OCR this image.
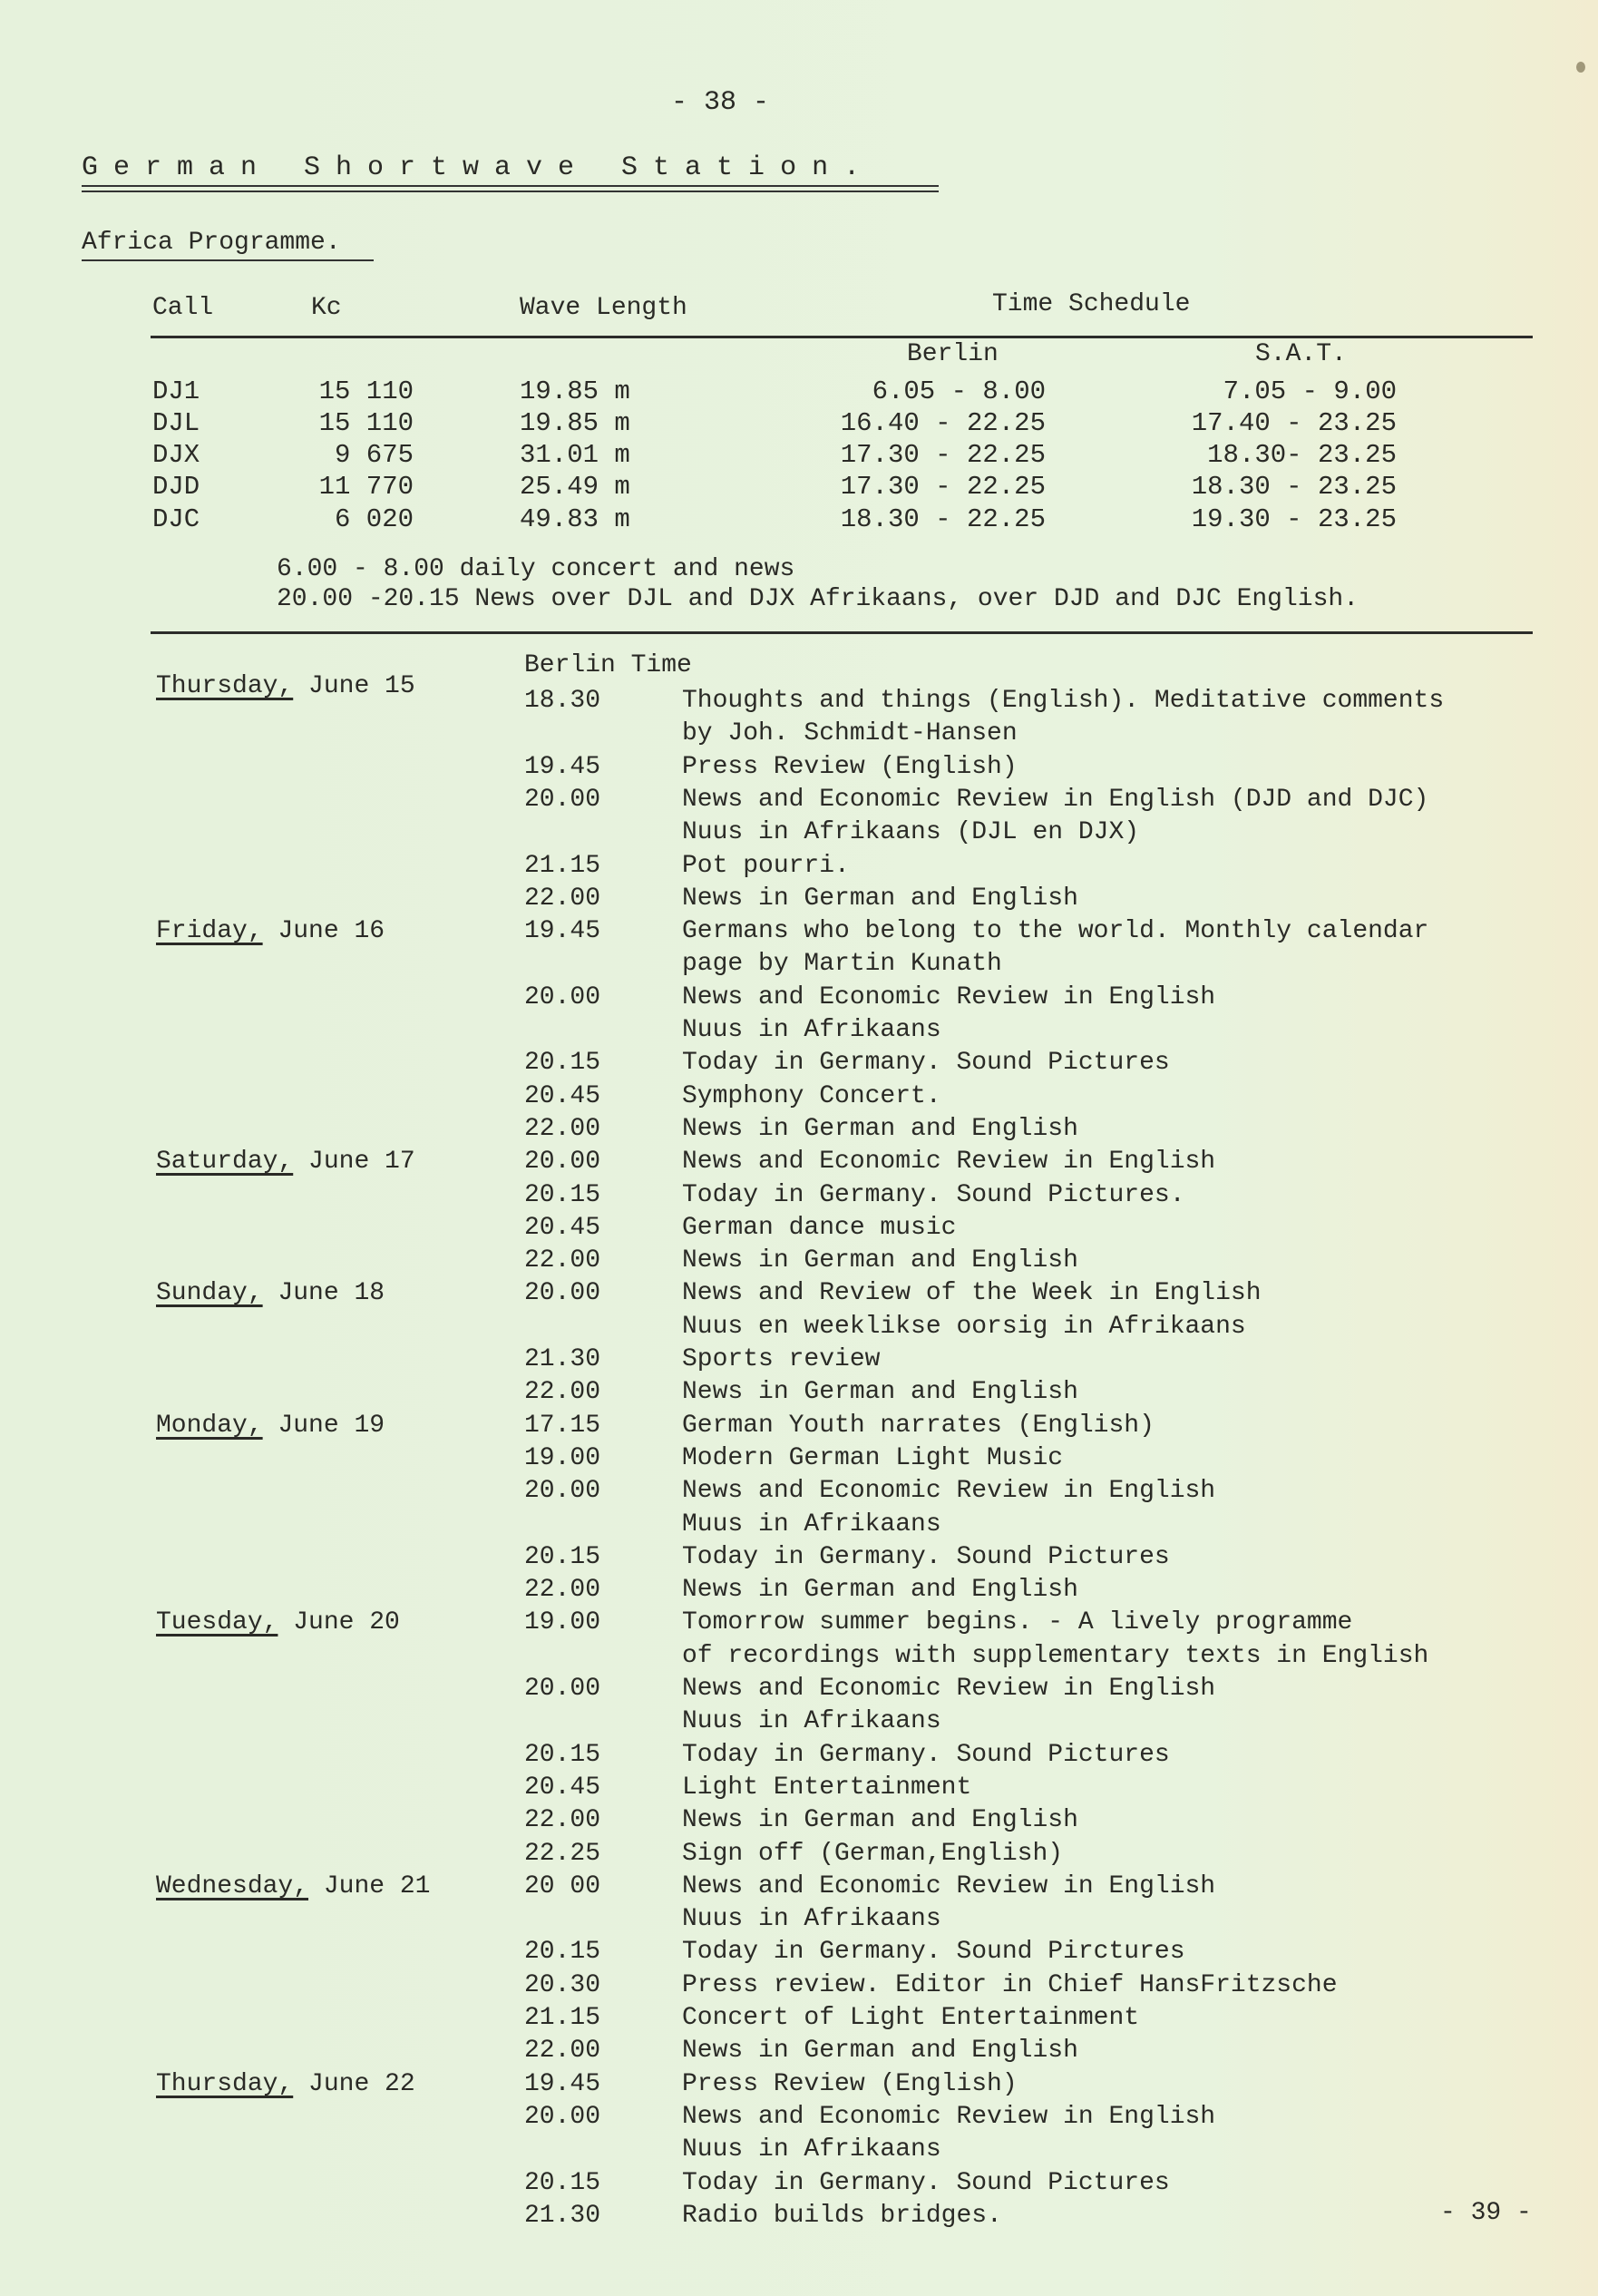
- 38 -
German Shortwave Station.
Africa Programme.
Call	Kc	Wave Length	Time Schedule
Berlin	S.A.T.
DJ1	15 110	19.85 m	6.05 - 8.00	7.05 - 9.00
DJL	15 110	19.85 m	16.40 - 22.25	17.40 - 23.25
DJX	9 675	31.01 m	17.30 - 22.25	18.30- 23.25
DJD	11 770	25.49 m	17.30 - 22.25	18.30 - 23.25
DJC	6 020	49.83 m	18.30 - 22.25	19.30 - 23.25
6.00 - 8.00 daily concert and news
20.00 -20.15 News over DJL and DJX Afrikaans, over DJD and DJC English.
Berlin Time
Thursday, June 15
18.30	Thoughts and things (English). Meditative comments
by Joh. Schmidt-Hansen
19.45	Press Review (English)
20.00	News and Economic Review in English (DJD and DJC)
Nuus in Afrikaans (DJL en DJX)
21.15	Pot pourri.
22.00	News in German and English
Friday, June 16	19.45	Germans who belong to the world. Monthly calendar
page by Martin Kunath
20.00	News and Economic Review in English
Nuus in Afrikaans
20.15	Today in Germany. Sound Pictures
20.45	Symphony Concert.
22.00	News in German and English
Saturday, June 17	20.00	News and Economic Review in English
20.15	Today in Germany. Sound Pictures.
20.45	German dance music
22.00	News in German and English
Sunday, June 18	20.00	News and Review of the Week in English
Nuus en weeklikse oorsig in Afrikaans
21.30	Sports review
22.00	News in German and English
Monday, June 19	17.15	German Youth narrates (English)
19.00	Modern German Light Music
20.00	News and Economic Review in English
Muus in Afrikaans
20.15	Today in Germany. Sound Pictures
22.00	News in German and English
Tuesday, June 20	19.00	Tomorrow summer begins. - A lively programme
of recordings with supplementary texts in English
20.00	News and Economic Review in English
Nuus in Afrikaans
20.15	Today in Germany. Sound Pictures
20.45	Light Entertainment
22.00	News in German and English
22.25	Sign off (German,English)
Wednesday, June 21	20 00	News and Economic Review in English
Nuus in Afrikaans
20.15	Today in Germany. Sound Pirctures
20.30	Press review. Editor in Chief HansFritzsche
21.15	Concert of Light Entertainment
22.00	News in German and English
Thursday, June 22	19.45	Press Review (English)
20.00	News and Economic Review in English
Nuus in Afrikaans
20.15	Today in Germany. Sound Pictures
21.30	Radio builds bridges.	- 39 -
